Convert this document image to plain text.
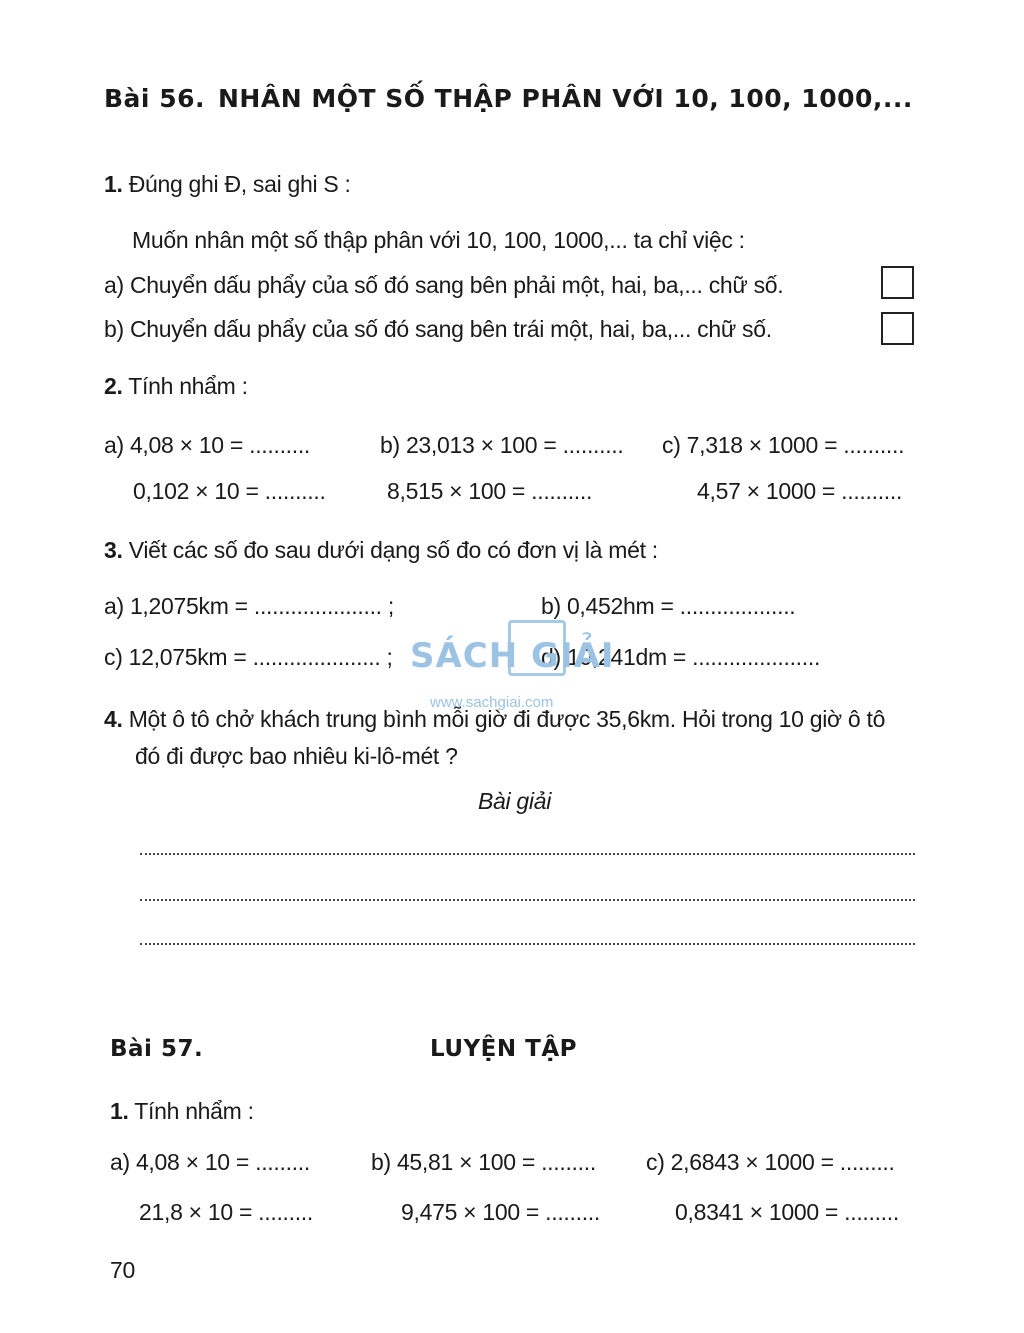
Bài 56. NHÂN MỘT SỐ THẬP PHÂN VỚI 10, 100, 1000,...
1. Đúng ghi Đ, sai ghi S :
Muốn nhân một số thập phân với 10, 100, 1000,... ta chỉ việc :
a) Chuyển dấu phẩy của số đó sang bên phải một, hai, ba,... chữ số.
b) Chuyển dấu phẩy của số đó sang bên trái một, hai, ba,... chữ số.
2. Tính nhẩm :
a) 4,08 × 10 = ..........	b) 23,013 × 100 = .......... c) 7,318 × 1000 = ..........
0,102 × 10 = ..........	8,515 × 100 = ..........	4,57 × 1000 = ..........
3. Viết các số đo sau dưới dạng số đo có đơn vị là mét :
a) 1,2075km = ..................... ;	b) 0,452hm = ...................
c) 12,075km = ..................... ;	d) 10,241dm = .....................
SÁCH GIẢI
www.sachgiai.com
4. Một ô tô chở khách trung bình mỗi giờ đi được 35,6km. Hỏi trong 10 giờ ô tô
đó đi được bao nhiêu ki-lô-mét ?
Bài giải
Bài 57.	LUYỆN TẬP
1. Tính nhẩm :
a) 4,08 × 10 = .........	b) 45,81 × 100 = ......... c) 2,6843 × 1000 = .........
21,8 × 10 = .........	9,475 × 100 = .........	0,8341 × 1000 = .........
70
